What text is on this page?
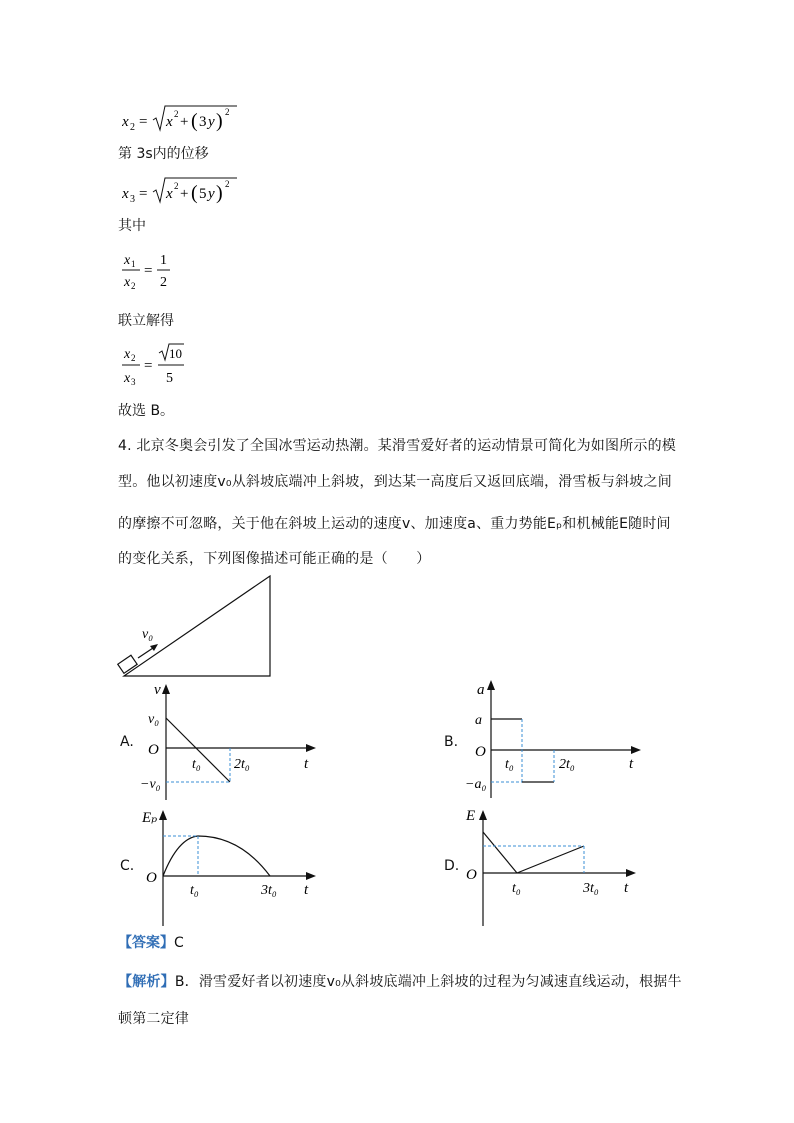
x 2 = x 2 + ( 3 y ) 2
第 3s内的位移
x 3 = x 2 + ( 5 y ) 2
其中
x 1
x 2
=
1
2
联立解得
x 2
x 3
=
10
5
故选 B。
4. 北京冬奥会引发了全国冰雪运动热潮。某滑雪爱好者的运动情景可简化为如图所示的模
型。他以初速度v₀从斜坡底端冲上斜坡，到达某一高度后又返回底端，滑雪板与斜坡之间
的摩擦不可忽略，关于他在斜坡上运动的速度v、加速度a、重力势能Eₚ和机械能E随时间
的变化关系，下列图像描述可能正确的是（　　）
v₀
A.
v
v₀
O
−v₀
t₀ 2t₀	t
B.
a
a
O
−a₀
t₀	2t₀	t
C.
Eₚ
O
t₀	3t₀ t
D.
E
O
t₀	3t₀ t
【答案】C
【解析】B．滑雪爱好者以初速度v₀从斜坡底端冲上斜坡的过程为匀减速直线运动，根据牛
顿第二定律
